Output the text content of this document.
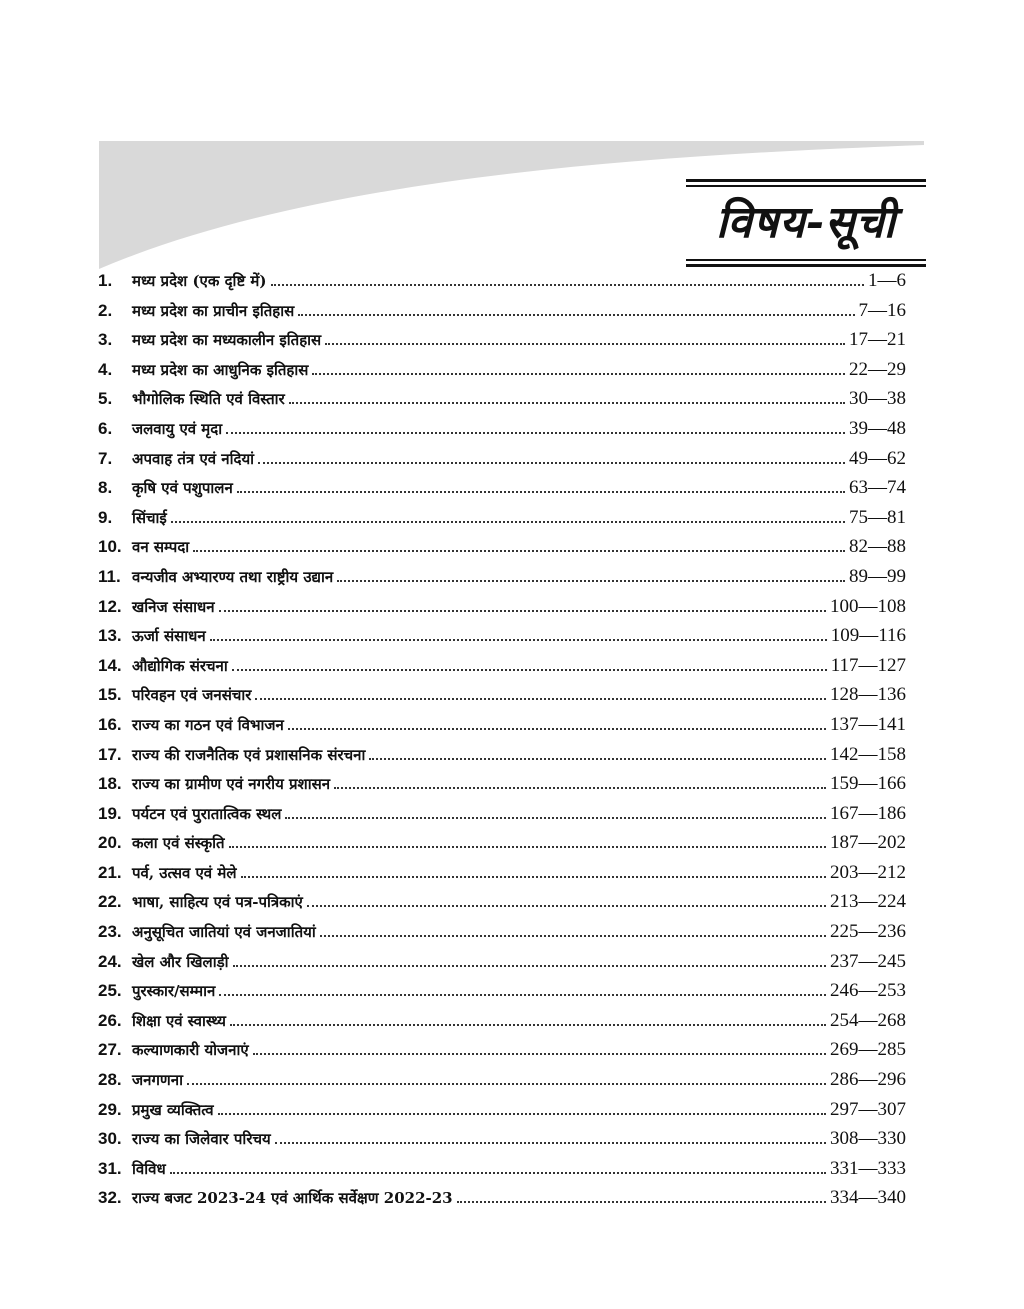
विषय-सूची
1.	मध्य प्रदेश (एक दृष्टि में)	1—6
2.	मध्य प्रदेश का प्राचीन इतिहास	7—16
3.	मध्य प्रदेश का मध्यकालीन इतिहास	17—21
4.	मध्य प्रदेश का आधुनिक इतिहास	22—29
5.	भौगोलिक स्थिति एवं विस्तार	30—38
6.	जलवायु एवं मृदा	39—48
7.	अपवाह तंत्र एवं नदियां	49—62
8.	कृषि एवं पशुपालन	63—74
9.	सिंचाई	75—81
10. वन सम्पदा	82—88
11. वन्यजीव अभ्यारण्य तथा राष्ट्रीय उद्यान	89—99
12. खनिज संसाधन	100—108
13. ऊर्जा संसाधन	109—116
14. औद्योगिक संरचना	117—127
15. परिवहन एवं जनसंचार	128—136
16. राज्य का गठन एवं विभाजन	137—141
17. राज्य की राजनैतिक एवं प्रशासनिक संरचना	142—158
18. राज्य का ग्रामीण एवं नगरीय प्रशासन	159—166
19. पर्यटन एवं पुरातात्विक स्थल	167—186
20. कला एवं संस्कृति	187—202
21. पर्व, उत्सव एवं मेले	203—212
22. भाषा, साहित्य एवं पत्र-पत्रिकाएं	213—224
23. अनुसूचित जातियां एवं जनजातियां	225—236
24. खेल और खिलाड़ी	237—245
25. पुरस्कार/सम्मान	246—253
26. शिक्षा एवं स्वास्थ्य	254—268
27. कल्याणकारी योजनाएं	269—285
28. जनगणना	286—296
29. प्रमुख व्यक्तित्व	297—307
30. राज्य का जिलेवार परिचय	308—330
31. विविध	331—333
32. राज्य बजट 2023-24 एवं आर्थिक सर्वेक्षण 2022-23	334—340
